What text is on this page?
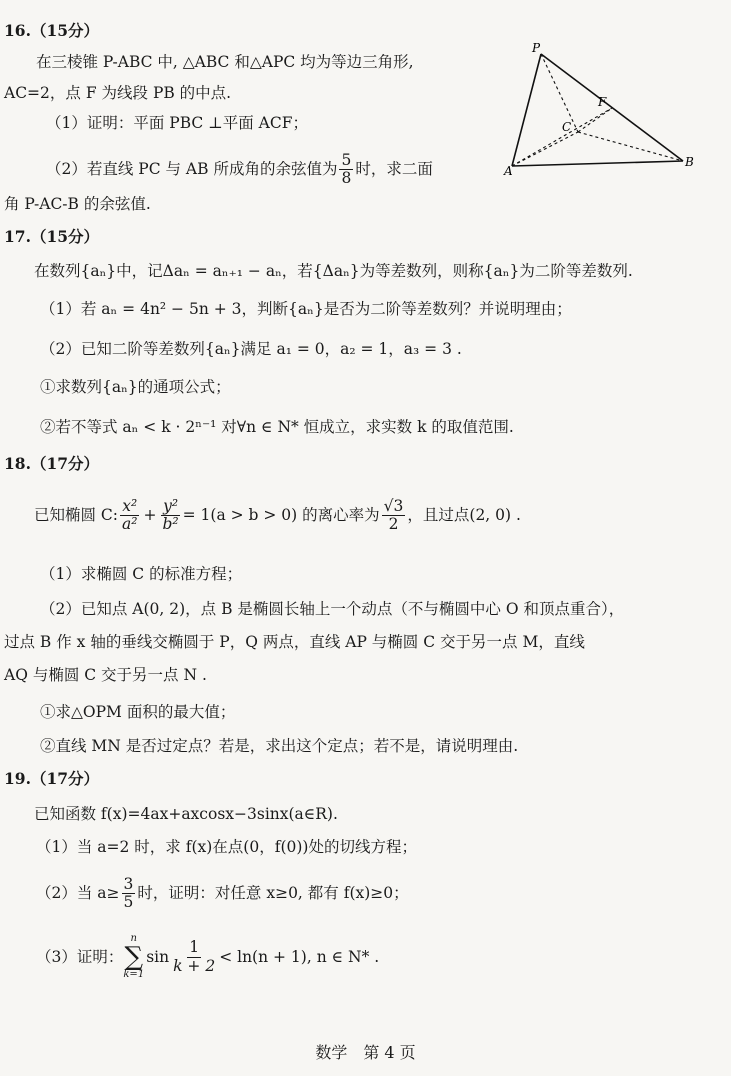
16.（15分）
在三棱锥 P-ABC 中, △ABC 和△APC 均为等边三角形,
AC=2，点 F 为线段 PB 的中点.
（1）证明：平面 PBC ⊥平面 ACF；
（2）若直线 PC 与 AB 所成角的余弦值为 $\frac{5}{8}$ 时，求二面
角 P-AC-B 的余弦值.
P
F
C
A
B
17.（15分）
在数列{aₙ}中，记Δaₙ = aₙ₊₁ − aₙ，若{Δaₙ}为等差数列，则称{aₙ}为二阶等差数列.
（1）若 aₙ = 4n² − 5n + 3，判断{aₙ}是否为二阶等差数列？并说明理由；
（2）已知二阶等差数列{aₙ}满足 a₁ = 0，a₂ = 1，a₃ = 3 .
①求数列{aₙ}的通项公式；
②若不等式 aₙ < k · 2ⁿ⁻¹ 对∀n ∈ N* 恒成立，求实数 k 的取值范围.
18.（17分）
已知椭圆 C: $\frac{\text{x²}}{\text{a²}} + \frac{\text{y²}}{\text{b²}} = 1(a > b > 0)$ 的离心率为 $\frac{√3}{2}$ ，且过点(2, 0) .
（1）求椭圆 C 的标准方程；
（2）已知点 A(0, 2)，点 B 是椭圆长轴上一个动点（不与椭圆中心 O 和顶点重合），
过点 B 作 x 轴的垂线交椭圆于 P，Q 两点，直线 AP 与椭圆 C 交于另一点 M，直线
AQ 与椭圆 C 交于另一点 N .
①求△OPM 面积的最大值；
②直线 MN 是否过定点？若是，求出这个定点；若不是，请说明理由.
19.（17分）
已知函数 f(x)=4ax+axcosx−3sinx(a∈R).
（1）当 a=2 时，求 f(x)在点(0，f(0))处的切线方程；
（2）当 $a\ge \frac{3}{5}$ 时，证明：对任意 x≥0, 都有 f(x)≥0；
（3）证明：
n
∑
k=1
$\sin \frac{1}{k + 2} < \ln(n + 1)$, n ∈ N* .
数学　第 4 页
